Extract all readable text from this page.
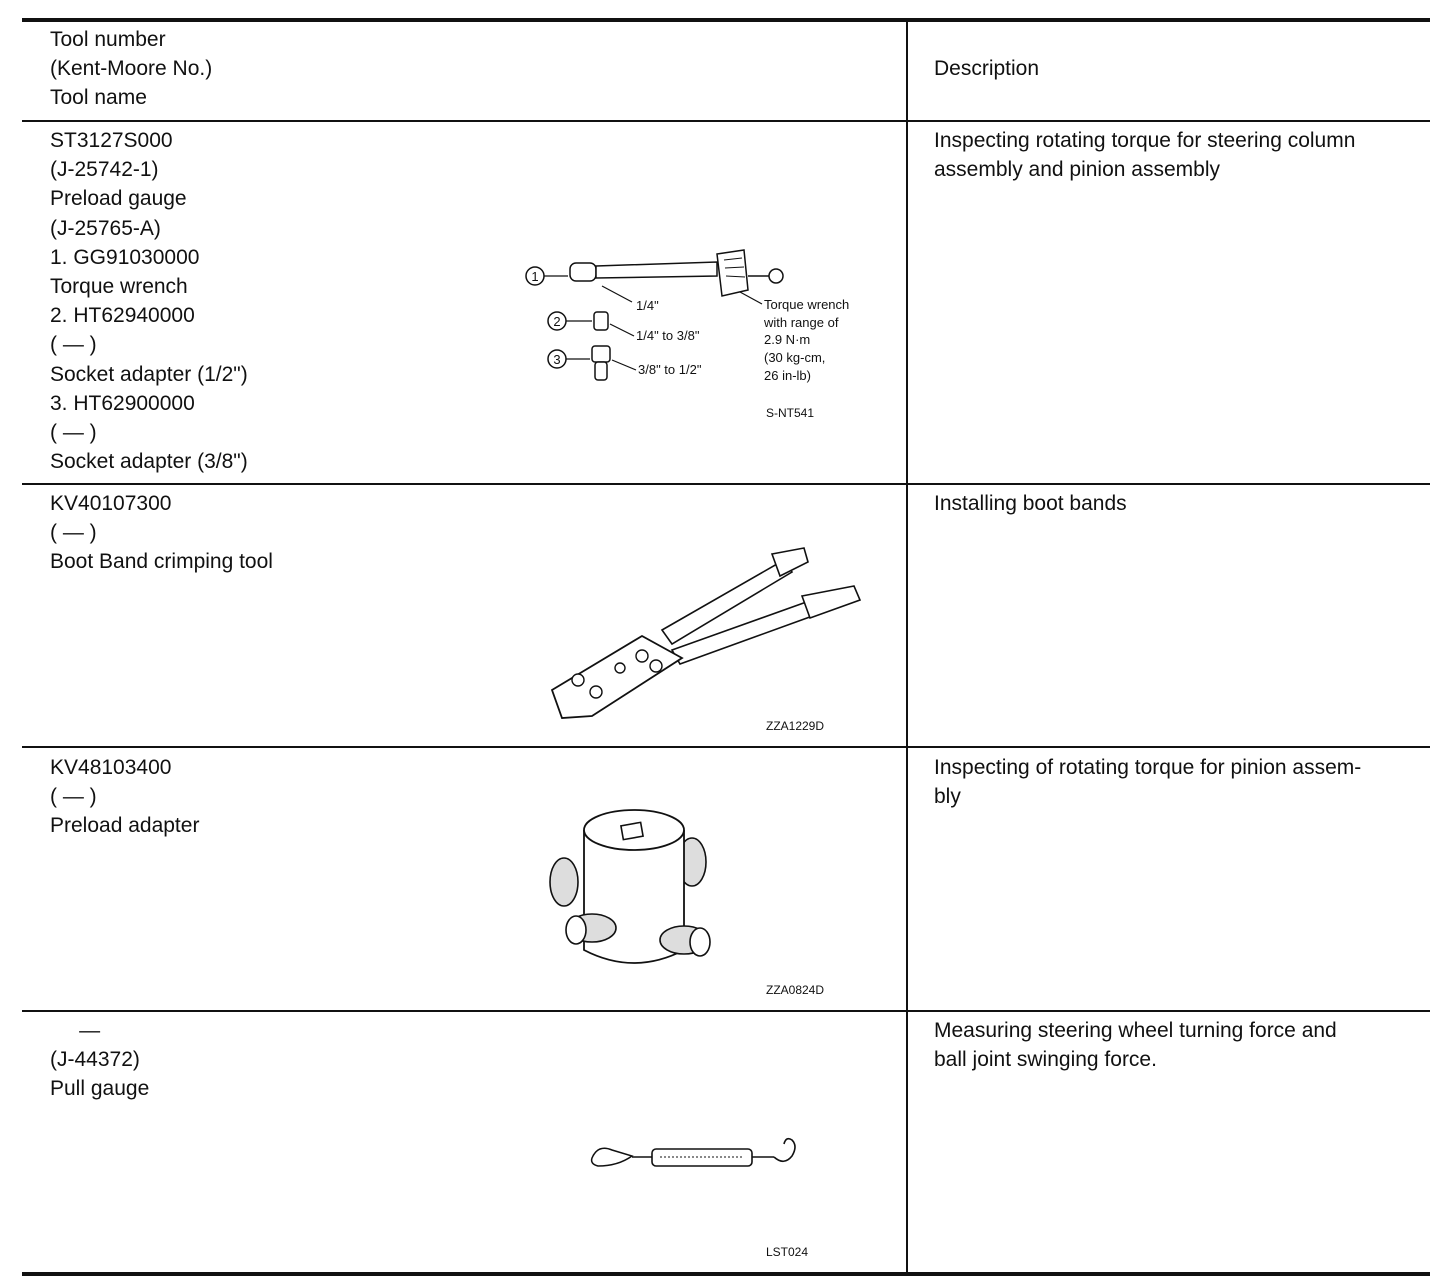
Tool number
(Kent-Moore No.)
Tool name
Description
ST3127S000
(J-25742-1)
Preload gauge
(J-25765-A)
1. GG91030000
Torque wrench
2. HT62940000
( — )
Socket adapter (1/2")
3. HT62900000
( — )
Socket adapter (3/8")
Inspecting rotating torque for steering column
assembly and pinion assembly
1
1/4"	Torque wrench
with range of
2.9 N·m
(30 kg-cm,
26 in-lb)
2
1/4" to 3/8"
3
3/8" to 1/2"
S-NT541
KV40107300
( — )
Boot Band crimping tool
Installing boot bands
ZZA1229D
KV48103400
( — )
Preload adapter
Inspecting of rotating torque for pinion assem-
bly
ZZA0824D
—
(J-44372)
Pull gauge
Measuring steering wheel turning force and
ball joint swinging force.
LST024
